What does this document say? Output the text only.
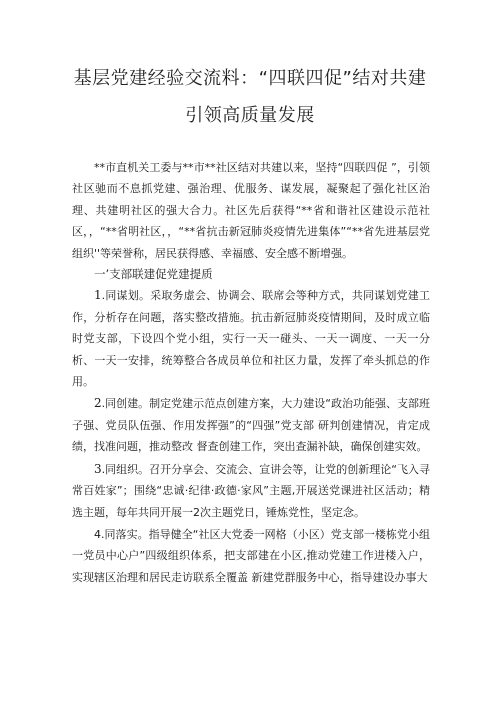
基层党建经验交流料：“四联四促”结对共建
引领高质量发展

**市直机关工委与**市**社区结对共建以来，坚持“四联四促 ”，引领社区驰而不息抓党建、强治理、优服务、谋发展，凝聚起了强化社区治理、共建明社区的强大合力。社区先后获得“**省和谐社区建设示范社区，，“**省明社区，，“**省抗击新冠肺炎疫情先进集体”“**省先进基层党组织''等荣誉称，居民获得感、幸福感、安全感不断增强。

一’支部联建促党建提质

1.同谋划。采取务虚会、协调会、联席会等种方式，共同谋划党建工作，分析存在问题，落实整改措施。抗击新冠肺炎疫情期间，及时成立临时党支部，下设四个党小组，实行一天一碰头、一天一调度、一天一分析、一天一安排，统筹整合各成员单位和社区力量，发挥了牵头抓总的作用。

2.同创建。制定党建示范点创建方案，大力建设“政治功能强、支部班子强、党员队伍强、作用发挥强”的“四强”党支部 研判创建情况，肯定成绩，找准问题，推动整改 督查创建工作，突出查漏补缺，确保创建实效。

3.同组织。召开分享会、交流会、宣讲会等，让党的创新理论“飞入寻常百姓家”；围绕“忠诚·纪律·政德·家风”主题,开展送党课进社区活动；精选主题，每年共同开展一2次主题党日，锤炼党性，坚定念。

4.同落实。指导健全“社区大党委一网格（小区）党支部一楼栋党小组一党员中心户”四级组织体系，把支部建在小区,推动党建工作进楼入户，实现辖区治理和居民走访联系全覆盖 新建党群服务中心，指导建设办事大
